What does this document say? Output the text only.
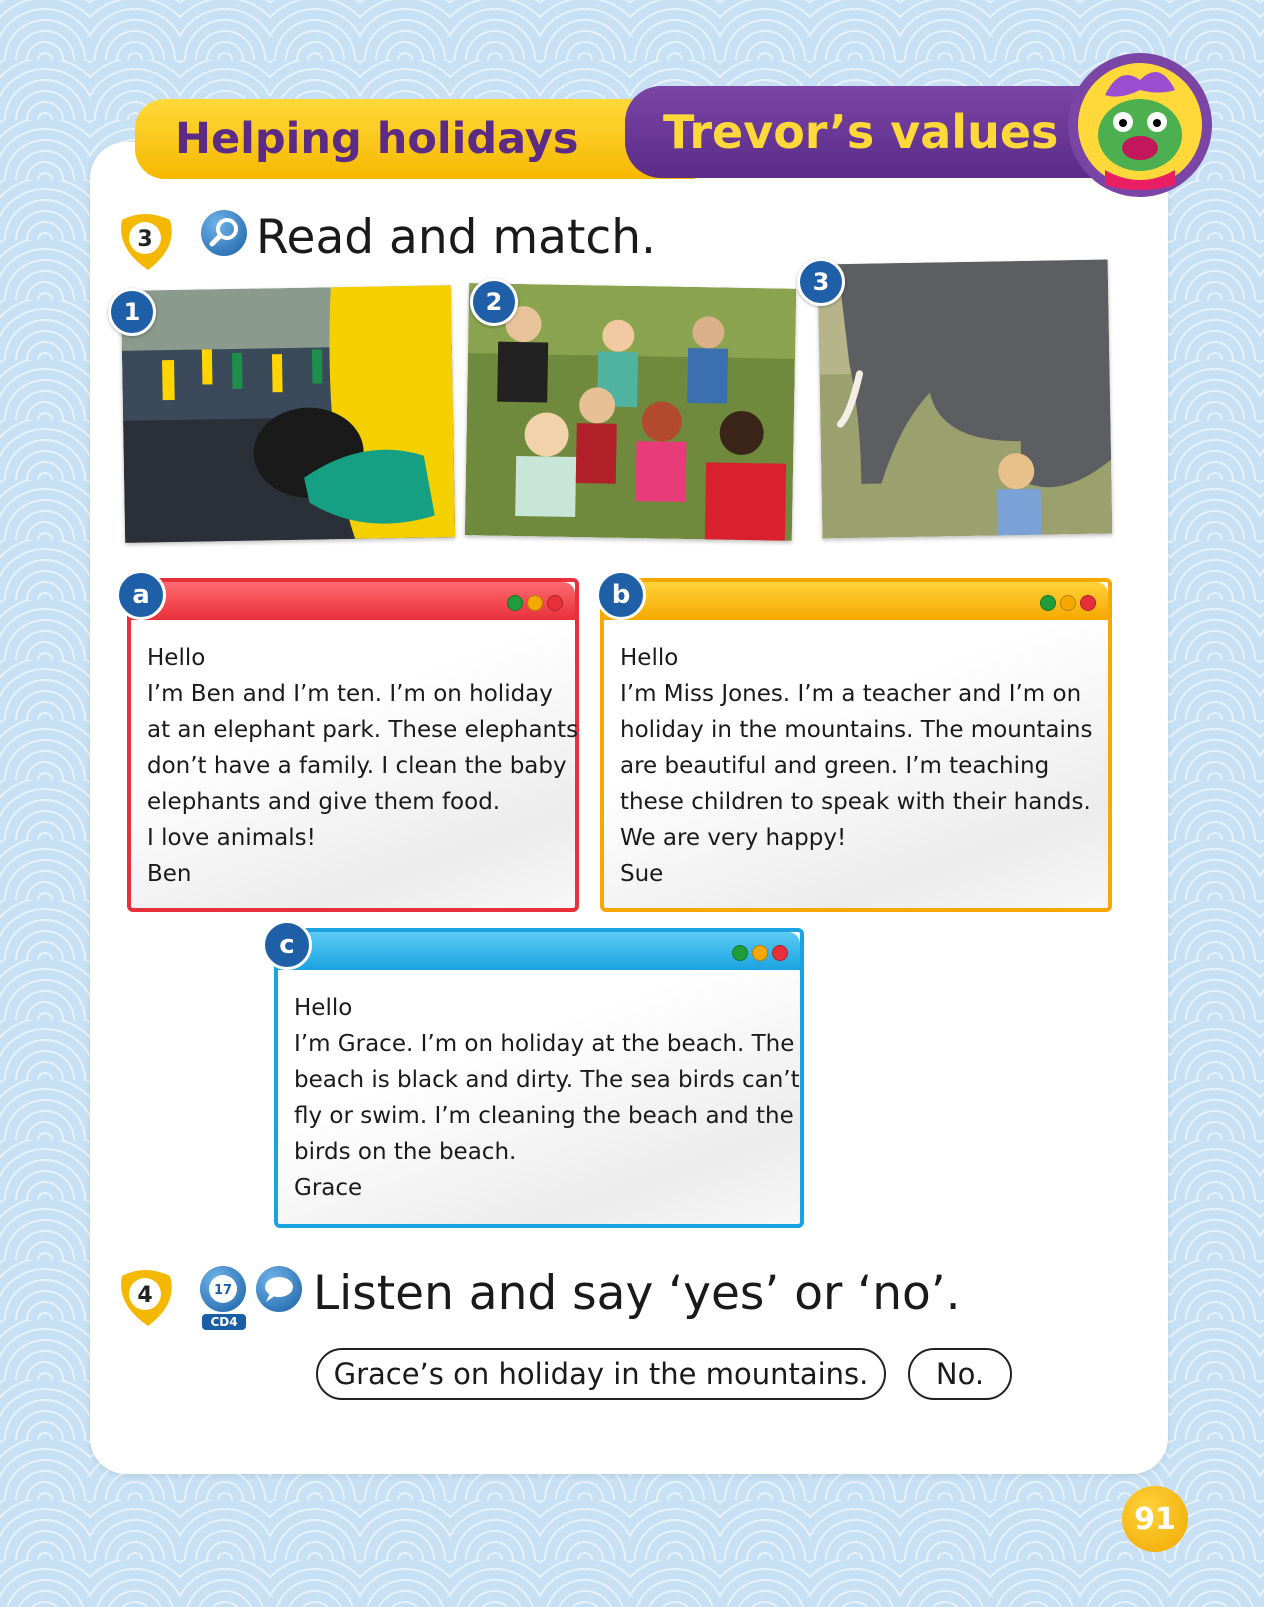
Helping holidays Trevor’s values
3 Read and match.
1	2
3
Hello
I’m Ben and I’m ten. I’m on holiday
at an elephant park. These elephants
don’t have a family. I clean the baby
elephants and give them food.
I love animals!
Ben
a
Hello
I’m Miss Jones. I’m a teacher and I’m on
holiday in the mountains. The mountains
are beautiful and green. I’m teaching
these children to speak with their hands.
We are very happy!
Sue
b
Hello
I’m Grace. I’m on holiday at the beach. The
beach is black and dirty. The sea birds can’t
fly or swim. I’m cleaning the beach and the
birds on the beach.
Grace
c
4	17
CD4
Listen and say ‘yes’ or ‘no’.
Grace’s on holiday in the mountains. No.
91
